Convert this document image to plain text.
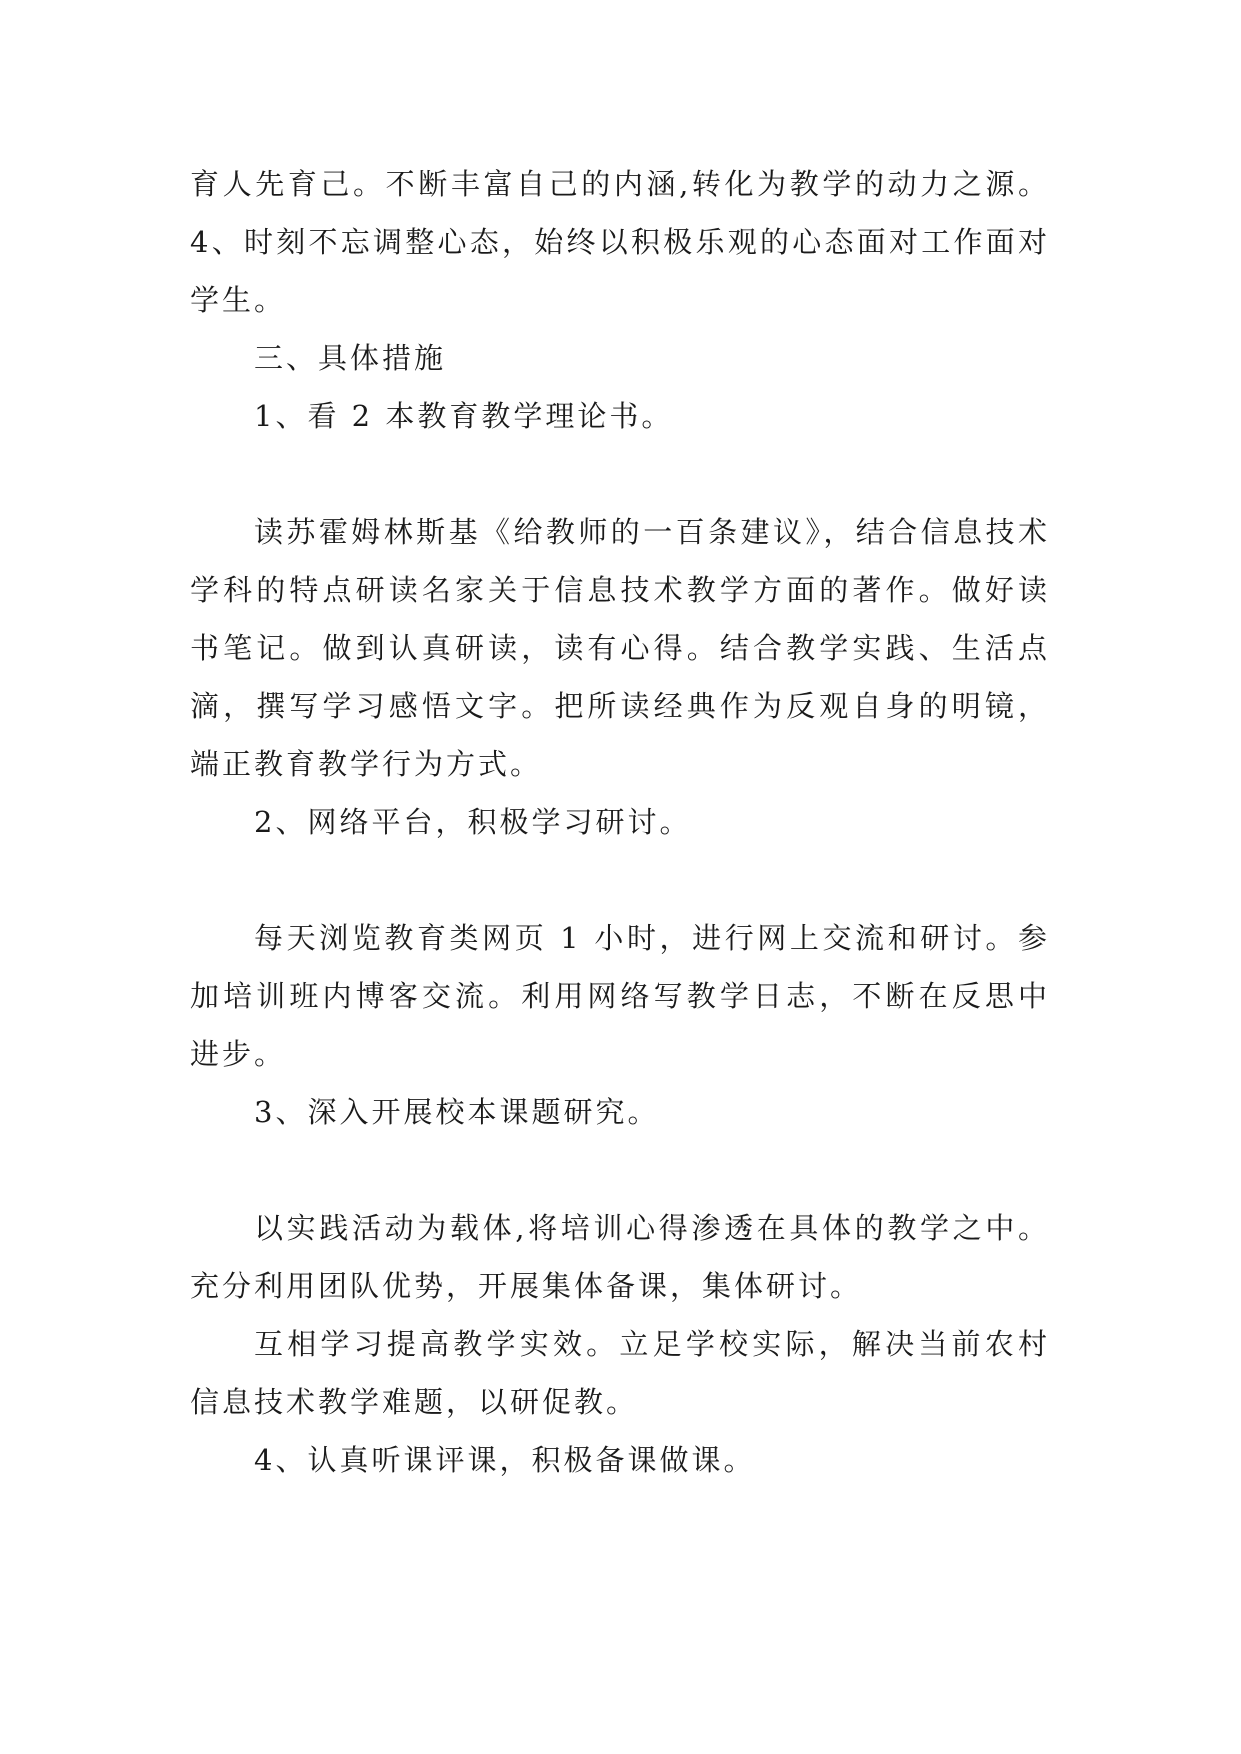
育人先育己。不断丰富自己的内涵,转化为教学的动力之源。4、时刻不忘调整心态，始终以积极乐观的心态面对工作面对学生。

三、具体措施

1、看 2 本教育教学理论书。

读苏霍姆林斯基《给教师的一百条建议》，结合信息技术学科的特点研读名家关于信息技术教学方面的著作。做好读书笔记。做到认真研读，读有心得。结合教学实践、生活点滴，撰写学习感悟文字。把所读经典作为反观自身的明镜，端正教育教学行为方式。

2、网络平台，积极学习研讨。

每天浏览教育类网页 1 小时，进行网上交流和研讨。参加培训班内博客交流。利用网络写教学日志，不断在反思中进步。

3、深入开展校本课题研究。

以实践活动为载体,将培训心得渗透在具体的教学之中。充分利用团队优势，开展集体备课，集体研讨。

互相学习提高教学实效。立足学校实际，解决当前农村信息技术教学难题，以研促教。

4、认真听课评课，积极备课做课。
